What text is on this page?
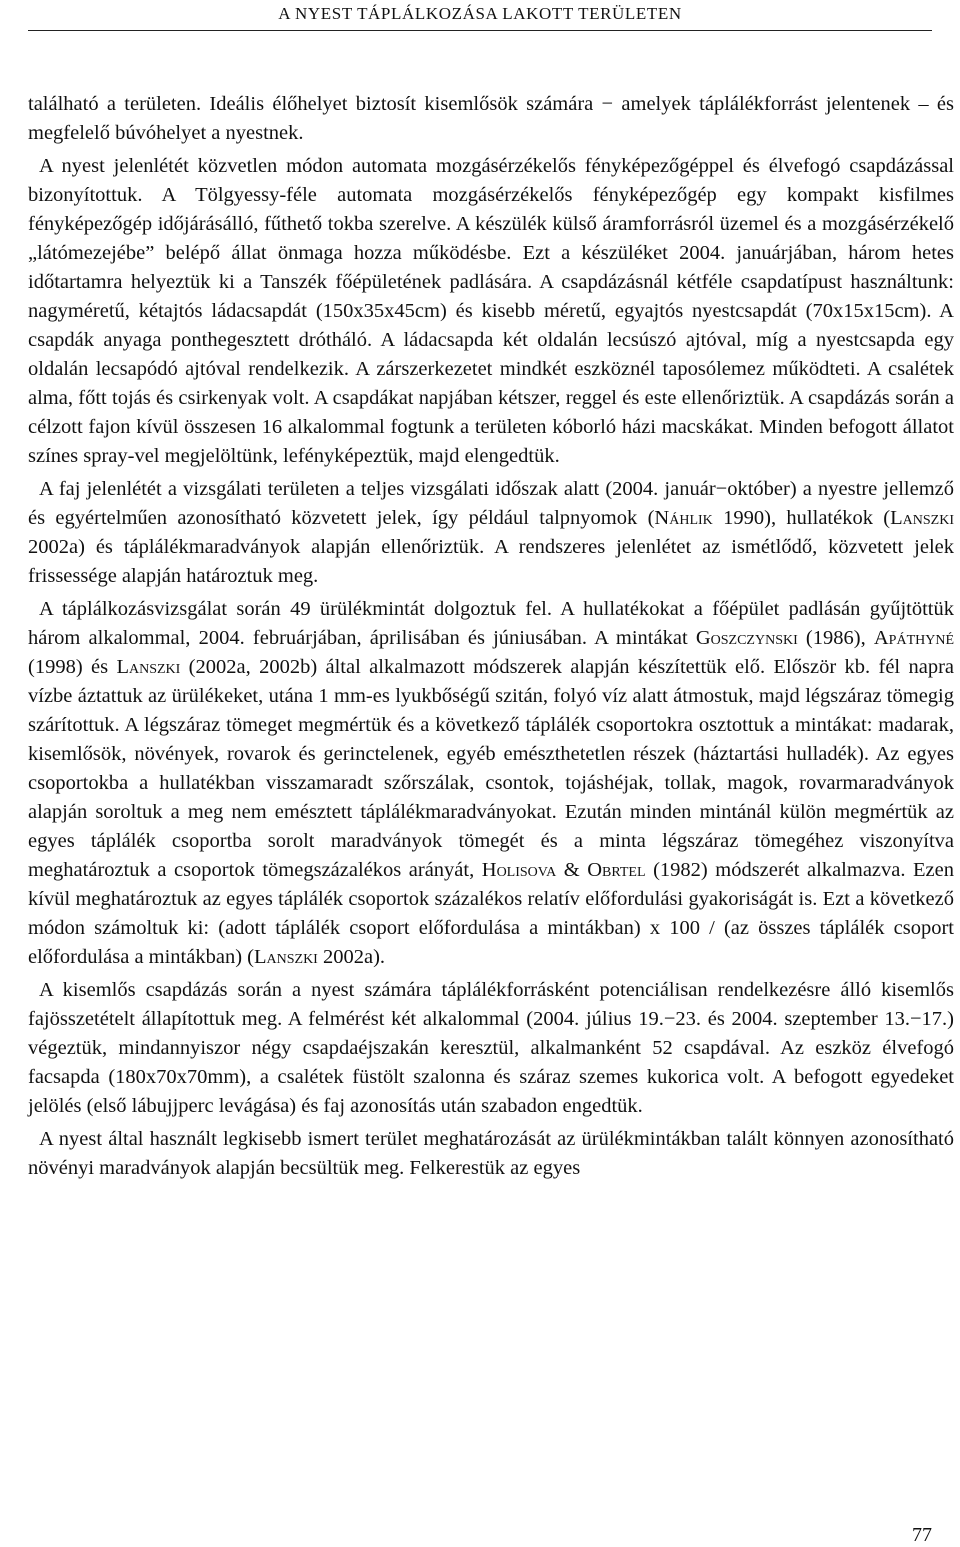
A NYEST TÁPLÁLKOZÁSA LAKOTT TERÜLETEN

található a területen. Ideális élőhelyet biztosít kisemlősök számára − amelyek táplálékforrást jelentenek – és megfelelő búvóhelyet a nyestnek.

A nyest jelenlétét közvetlen módon automata mozgásérzékelős fényképezőgéppel és élvefogó csapdázással bizonyítottuk. A Tölgyessy-féle automata mozgásérzékelős fényképezőgép egy kompakt kisfilmes fényképezőgép időjárásálló, fűthető tokba szerelve. A készülék külső áramforrásról üzemel és a mozgásérzékelő „látómezejébe” belépő állat önmaga hozza működésbe. Ezt a készüléket 2004. januárjában, három hetes időtartamra helyeztük ki a Tanszék főépületének padlására. A csapdázásnál kétféle csapdatípust használtunk: nagyméretű, kétajtós ládacsapdát (150x35x45cm) és kisebb méretű, egyajtós nyestcsapdát (70x15x15cm). A csapdák anyaga ponthegesztett drótháló. A ládacsapda két oldalán lecsúszó ajtóval, míg a nyestcsapda egy oldalán lecsapódó ajtóval rendelkezik. A zárszerkezetet mindkét eszköznél taposólemez működteti. A csalétek alma, főtt tojás és csirkenyak volt. A csapdákat napjában kétszer, reggel és este ellenőriztük. A csapdázás során a célzott fajon kívül összesen 16 alkalommal fogtunk a területen kóborló házi macskákat. Minden befogott állatot színes spray-vel megjelöltünk, lefényképeztük, majd elengedtük.

A faj jelenlétét a vizsgálati területen a teljes vizsgálati időszak alatt (2004. január−október) a nyestre jellemző és egyértelműen azonosítható közvetett jelek, így például talpnyomok (Náhlik 1990), hullatékok (Lanszki 2002a) és táplálékmaradványok alapján ellenőriztük. A rendszeres jelenlétet az ismétlődő, közvetett jelek frissessége alapján határoztuk meg.

A táplálkozásvizsgálat során 49 ürülékmintát dolgoztuk fel. A hullatékokat a főépület padlásán gyűjtöttük három alkalommal, 2004. februárjában, áprilisában és júniusában. A mintákat Goszczynski (1986), Apáthyné (1998) és Lanszki (2002a, 2002b) által alkalmazott módszerek alapján készítettük elő. Először kb. fél napra vízbe áztattuk az ürülékeket, utána 1 mm-es lyukbőségű szitán, folyó víz alatt átmostuk, majd légszáraz tömegig szárítottuk. A légszáraz tömeget megmértük és a következő táplálék csoportokra osztottuk a mintákat: madarak, kisemlősök, növények, rovarok és gerinctelenek, egyéb emészthetetlen részek (háztartási hulladék). Az egyes csoportokba a hullatékban visszamaradt szőrszálak, csontok, tojáshéjak, tollak, magok, rovarmaradványok alapján soroltuk a meg nem emésztett táplálékmaradványokat. Ezután minden mintánál külön megmértük az egyes táplálék csoportba sorolt maradványok tömegét és a minta légszáraz tömegéhez viszonyítva meghatároztuk a csoportok tömegszázalékos arányát, Holisova & Obrtel (1982) módszerét alkalmazva. Ezen kívül meghatároztuk az egyes táplálék csoportok százalékos relatív előfordulási gyakoriságát is. Ezt a következő módon számoltuk ki: (adott táplálék csoport előfordulása a mintákban) x 100 / (az összes táplálék csoport előfordulása a mintákban) (Lanszki 2002a).

A kisemlős csapdázás során a nyest számára táplálékforrásként potenciálisan rendelkezésre álló kisemlős fajösszetételt állapítottuk meg. A felmérést két alkalommal (2004. július 19.−23. és 2004. szeptember 13.−17.) végeztük, mindannyiszor négy csapdaéjszakán keresztül, alkalmanként 52 csapdával. Az eszköz élvefogó facsapda (180x70x70mm), a csalétek füstölt szalonna és száraz szemes kukorica volt. A befogott egyedeket jelölés (első lábujjperc levágása) és faj azonosítás után szabadon engedtük.

A nyest által használt legkisebb ismert terület meghatározását az ürülékmintákban talált könnyen azonosítható növényi maradványok alapján becsültük meg. Felkerestük az egyes

77
